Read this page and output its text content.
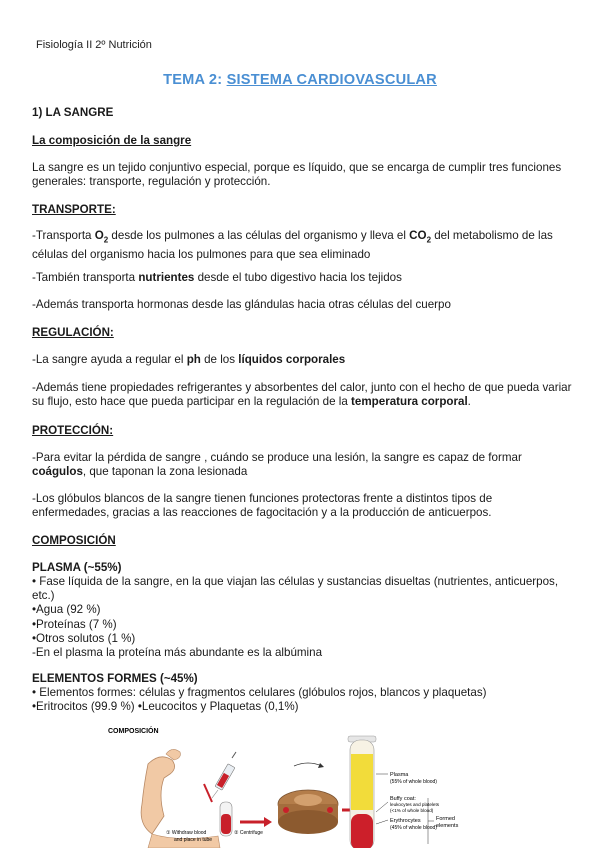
Fisiología II 2º Nutrición
TEMA 2: SISTEMA CARDIOVASCULAR
1) LA SANGRE
La composición de la sangre

La sangre es un tejido conjuntivo especial, porque es líquido, que se encarga de cumplir tres funciones generales: transporte, regulación y protección.

TRANSPORTE:

-Transporta $O_2$ desde los pulmones a las células del organismo y lleva el $CO_2$ del metabolismo de las células del organismo hacia los pulmones para que sea eliminado

-También transporta nutrientes desde el tubo digestivo hacia los tejidos

-Además transporta hormonas desde las glándulas hacia otras células del cuerpo

REGULACIÓN:

-La sangre ayuda a regular el ph de los líquidos corporales

-Además tiene propiedades refrigerantes y absorbentes del calor, junto con el hecho de que pueda variar su flujo, esto hace que pueda participar en la regulación de la temperatura corporal.

PROTECCIÓN:

-Para evitar la pérdida de sangre , cuándo se produce una lesión, la sangre es capaz de formar coágulos, que taponan la zona lesionada

-Los glóbulos blancos de la sangre tienen funciones protectoras frente a distintos tipos de enfermedades, gracias a las reacciones de fagocitación y a la producción de anticuerpos.

COMPOSICIÓN
PLASMA (~55%)

• Fase líquida de la sangre, en la que viajan las células y sustancias disueltas (nutrientes, anticuerpos, etc.)

•Agua (92 %)

•Proteínas (7 %)

•Otros solutos (1 %)

-En el plasma la proteína más abundante es la albúmina

ELEMENTOS FORMES (~45%)

• Elementos formes: células y fragmentos celulares (glóbulos rojos, blancos y plaquetas)

•Eritrocitos (99.9 %) •Leucocitos y Plaquetas (0,1%)

COMPOSICIÓN
Plasma
(55% of whole blood)
Buffy coat:
leukocytes and platelets
(<1% of whole blood)
Erythrocytes
(45% of whole blood)
Formed
elements
① Withdraw blood
and place in tube
② Centrifuge
